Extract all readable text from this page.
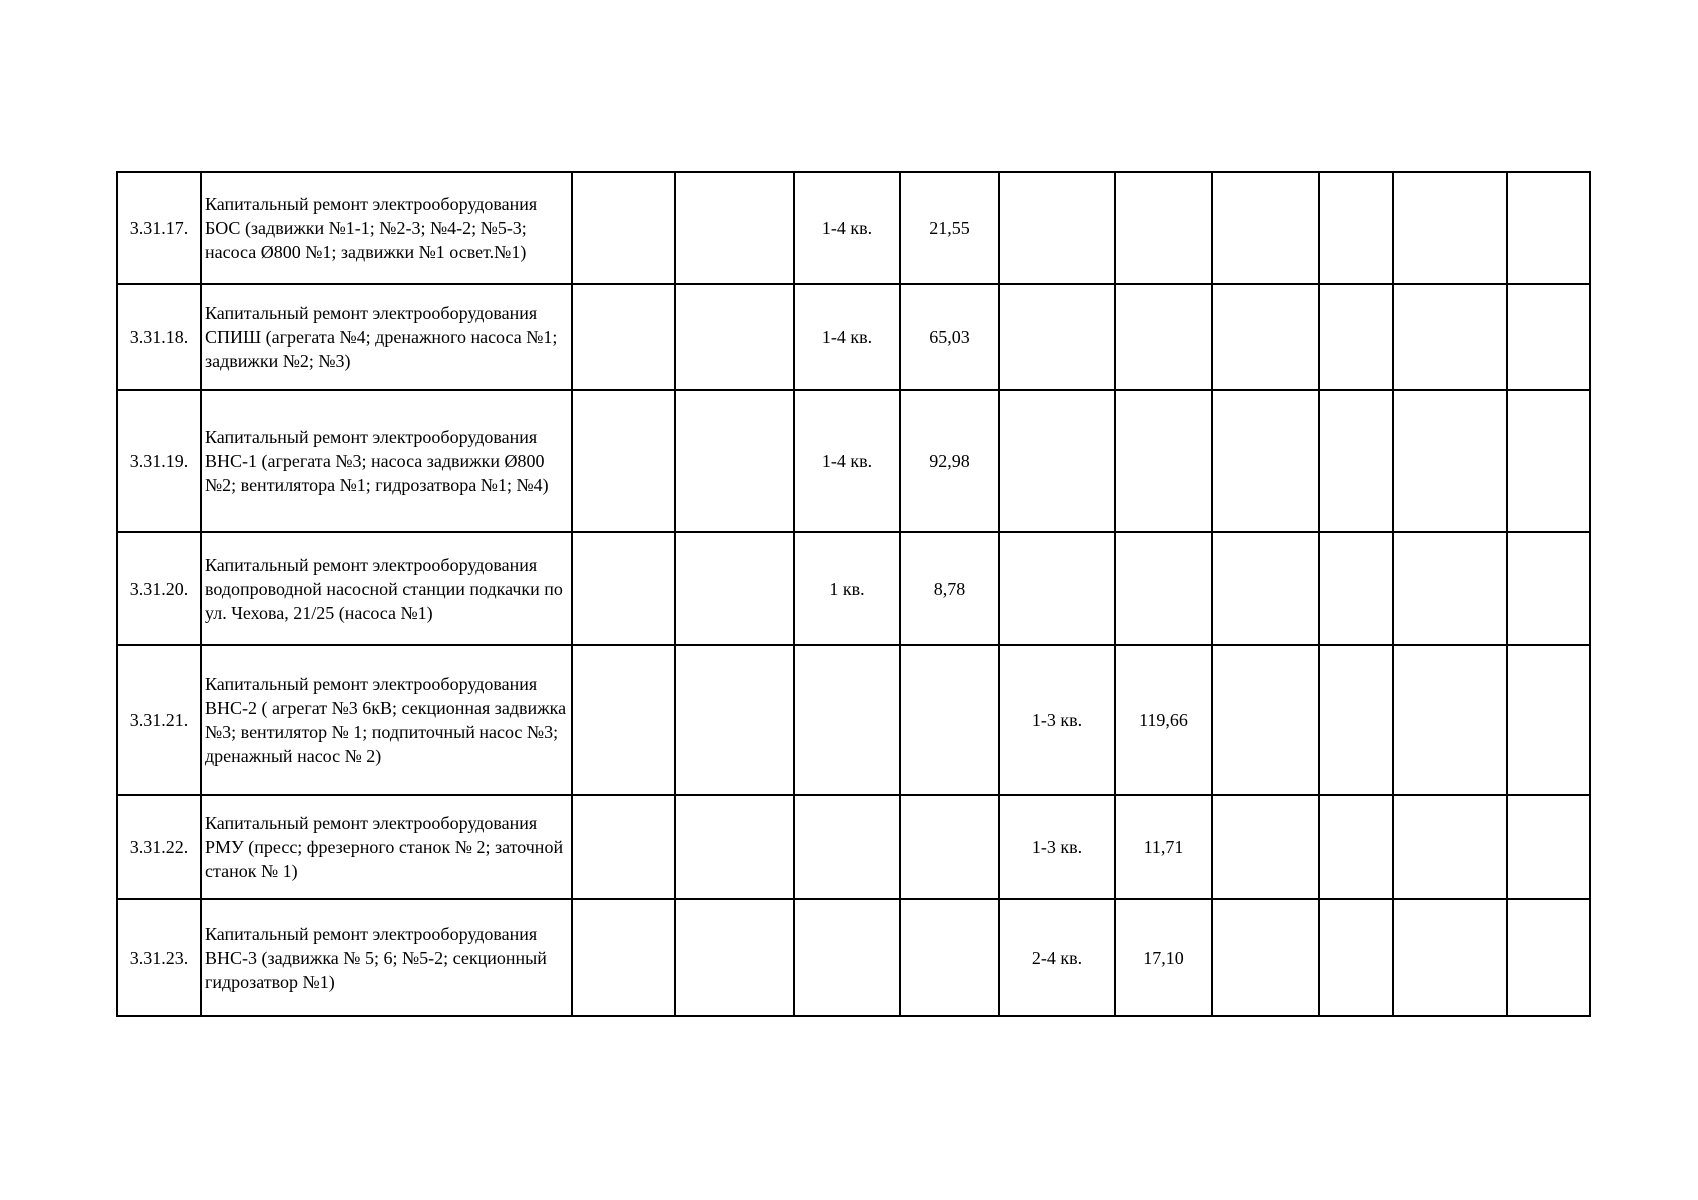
3.31.17.	Капитальный ремонт электрооборудования БОС (задвижки №1-1; №2-3; №4-2; №5-3; насоса Ø800 №1; задвижки №1 освет.№1)			1-4 кв.	21,55						
3.31.18.	Капитальный ремонт электрооборудования СПИШ (агрегата №4; дренажного насоса №1; задвижки №2; №3)			1-4 кв.	65,03						
3.31.19.	Капитальный ремонт электрооборудования ВНС-1 (агрегата №3; насоса задвижки Ø800 №2; вентилятора №1; гидрозатвора №1; №4)			1-4 кв.	92,98						
3.31.20.	Капитальный ремонт электрооборудования водопроводной насосной станции подкачки по ул. Чехова, 21/25 (насоса №1)			1 кв.	8,78						
3.31.21.	Капитальный ремонт электрооборудования ВНС-2 ( агрегат №3 6кВ; секционная задвижка №3; вентилятор № 1; подпиточный насос №3; дренажный насос № 2)					1-3 кв.	119,66				
3.31.22.	Капитальный ремонт электрооборудования РМУ (пресс; фрезерного станок № 2; заточной станок № 1)					1-3 кв.	11,71				
3.31.23.	Капитальный ремонт электрооборудования ВНС-3 (задвижка № 5; 6; №5-2; секционный гидрозатвор №1)					2-4 кв.	17,10				
